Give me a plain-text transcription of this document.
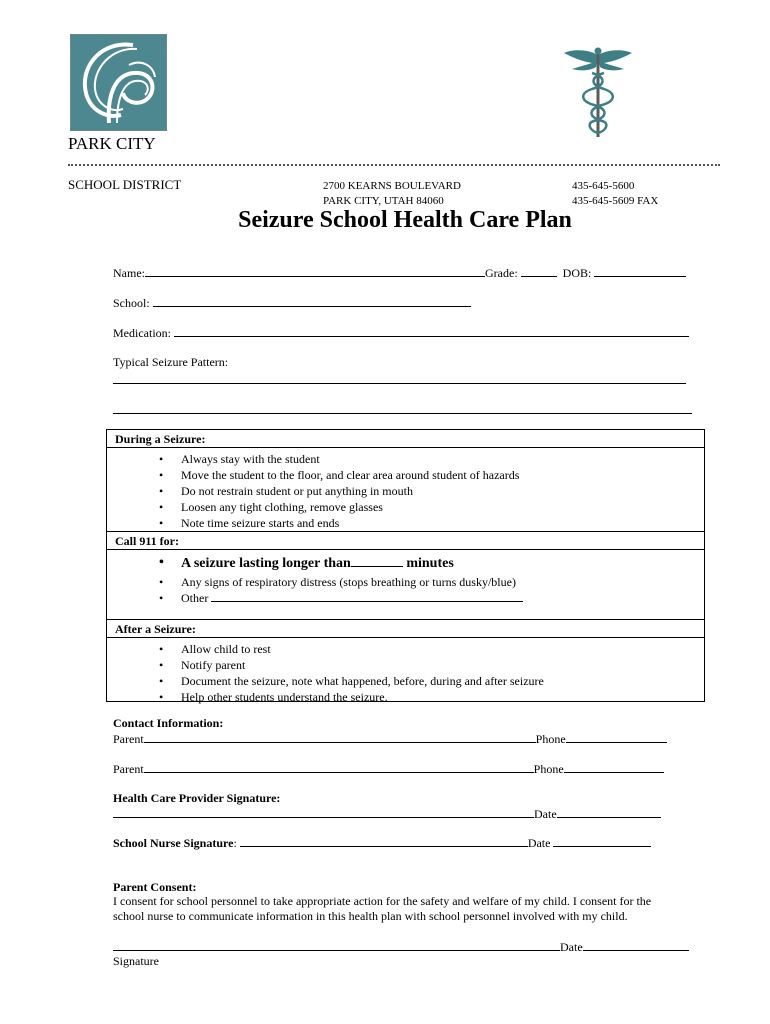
PARK CITY
SCHOOL DISTRICT	2700 KEARNS BOULEVARD
PARK CITY, UTAH 84060
435-645-5600
435-645-5609 FAX
Seizure School Health Care Plan
Name:	Grade:	DOB:
School:
Medication:
Typical Seizure Pattern:
During a Seizure:
• Always stay with the student
• Move the student to the floor, and clear area around student of hazards
• Do not restrain student or put anything in mouth
• Loosen any tight clothing, remove glasses
• Note time seizure starts and ends
Call 911 for:
• A seizure lasting longer than	minutes
• Any signs of respiratory distress (stops breathing or turns dusky/blue)
• Other
After a Seizure:
• Allow child to rest
• Notify parent
• Document the seizure, note what happened, before, during and after seizure
• Help other students understand the seizure.
Contact Information:
Parent	Phone
Parent	Phone
Health Care Provider Signature:
Date
School Nurse Signature:	Date
Parent Consent:
I consent for school personnel to take appropriate action for the safety and welfare of my child. I consent for the
school nurse to communicate information in this health plan with school personnel involved with my child.
Date
Signature
